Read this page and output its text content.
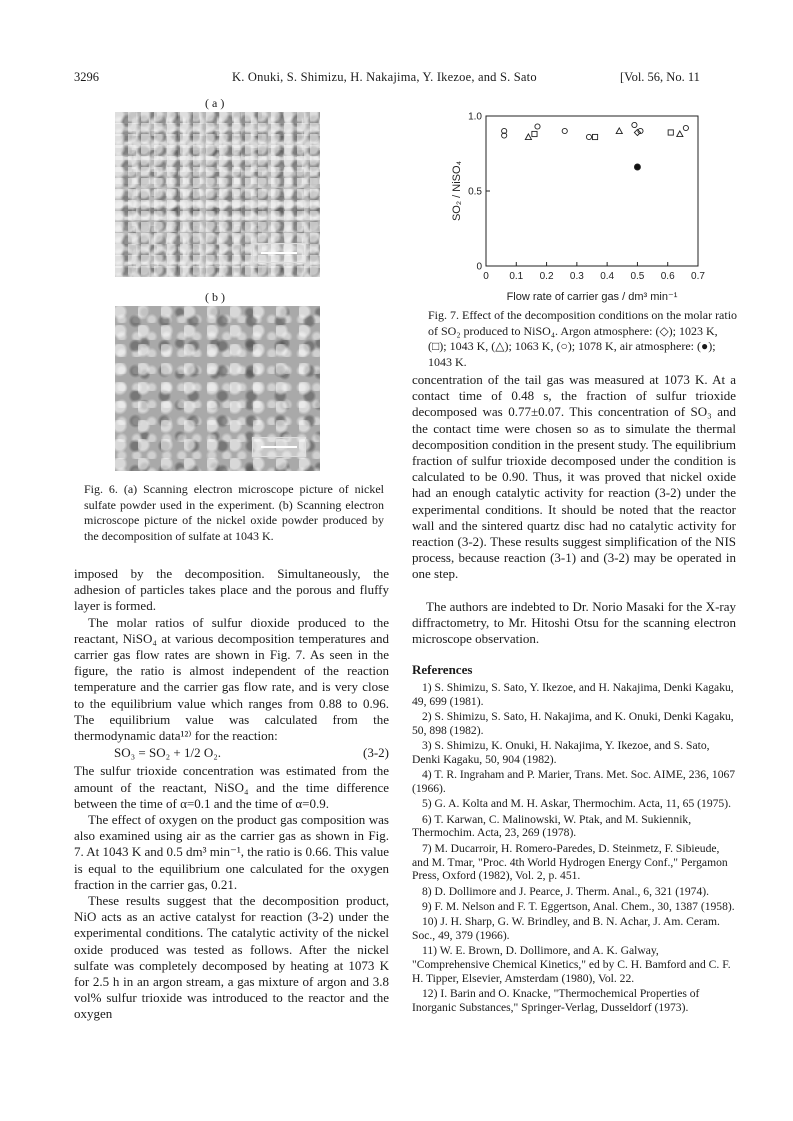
3296	K. Onuki, S. Shimizu, H. Nakajima, Y. Ikezoe, and S. Sato	[Vol. 56, No. 11
( a )
( b )
Fig. 6. (a) Scanning electron microscope picture of nickel sulfate powder used in the experiment. (b) Scanning electron microscope picture of the nickel oxide powder produced by the decomposition of sulfate at 1043 K.

imposed by the decomposition. Simultaneously, the adhesion of particles takes place and the porous and fluffy layer is formed.

The molar ratios of sulfur dioxide produced to the reactant, NiSO₄ at various decomposition temperatures and carrier gas flow rates are shown in Fig. 7. As seen in the figure, the ratio is almost independent of the reaction temperature and the carrier gas flow rate, and is very close to the equilibrium value which ranges from 0.88 to 0.96. The equilibrium value was calculated from the thermodynamic data¹²⁾ for the reaction:

SO₃ = SO₂ + 1/2 O₂.	(3-2)

The sulfur trioxide concentration was estimated from the amount of the reactant, NiSO₄ and the time difference between the time of α=0.1 and the time of α=0.9.

The effect of oxygen on the product gas composition was also examined using air as the carrier gas as shown in Fig. 7. At 1043 K and 0.5 dm³ min⁻¹, the ratio is 0.66. This value is equal to the equilibrium one calculated for the oxygen fraction in the carrier gas, 0.21.

These results suggest that the decomposition product, NiO acts as an active catalyst for reaction (3-2) under the experimental conditions. The catalytic activity of the nickel oxide produced was tested as follows. After the nickel sulfate was completely decomposed by heating at 1073 K for 2.5 h in an argon stream, a gas mixture of argon and 3.8 vol% sulfur trioxide was introduced to the reactor and the oxygen

0 0.1 0.2 0.3 0.4 0.5 0.6 0.7
0
0.5
1.0
Flow rate of carrier gas / dm³ min⁻¹
SO₂ / NiSO₄
Fig. 7. Effect of the decomposition conditions on the molar ratio of SO₂ produced to NiSO₄. Argon atmosphere: (◇); 1023 K, (□); 1043 K, (△); 1063 K, (○); 1078 K, air atmosphere: (●); 1043 K.

concentration of the tail gas was measured at 1073 K. At a contact time of 0.48 s, the fraction of sulfur trioxide decomposed was 0.77±0.07. This concentration of SO₃ and the contact time were chosen so as to simulate the thermal decomposition condition in the present study. The equilibrium fraction of sulfur trioxide decomposed under the condition is calculated to be 0.90. Thus, it was proved that nickel oxide had an enough catalytic activity for reaction (3-2) under the experimental conditions. It should be noted that the reactor wall and the sintered quartz disc had no catalytic activity for reaction (3-2). These results suggest simplification of the NIS process, because reaction (3-1) and (3-2) may be operated in one step.

The authors are indebted to Dr. Norio Masaki for the X-ray diffractometry, to Mr. Hitoshi Otsu for the scanning electron microscope observation.

References
1) S. Shimizu, S. Sato, Y. Ikezoe, and H. Nakajima, Denki Kagaku, 49, 699 (1981).
2) S. Shimizu, S. Sato, H. Nakajima, and K. Onuki, Denki Kagaku, 50, 898 (1982).
3) S. Shimizu, K. Onuki, H. Nakajima, Y. Ikezoe, and S. Sato, Denki Kagaku, 50, 904 (1982).
4) T. R. Ingraham and P. Marier, Trans. Met. Soc. AIME, 236, 1067 (1966).
5) G. A. Kolta and M. H. Askar, Thermochim. Acta, 11, 65 (1975).
6) T. Karwan, C. Malinowski, W. Ptak, and M. Sukiennik, Thermochim. Acta, 23, 269 (1978).
7) M. Ducarroir, H. Romero-Paredes, D. Steinmetz, F. Sibieude, and M. Tmar, "Proc. 4th World Hydrogen Energy Conf.," Pergamon Press, Oxford (1982), Vol. 2, p. 451.
8) D. Dollimore and J. Pearce, J. Therm. Anal., 6, 321 (1974).
9) F. M. Nelson and F. T. Eggertson, Anal. Chem., 30, 1387 (1958).
10) J. H. Sharp, G. W. Brindley, and B. N. Achar, J. Am. Ceram. Soc., 49, 379 (1966).
11) W. E. Brown, D. Dollimore, and A. K. Galway, "Comprehensive Chemical Kinetics," ed by C. H. Bamford and C. F. H. Tipper, Elsevier, Amsterdam (1980), Vol. 22.
12) I. Barin and O. Knacke, "Thermochemical Properties of Inorganic Substances," Springer-Verlag, Dusseldorf (1973).
